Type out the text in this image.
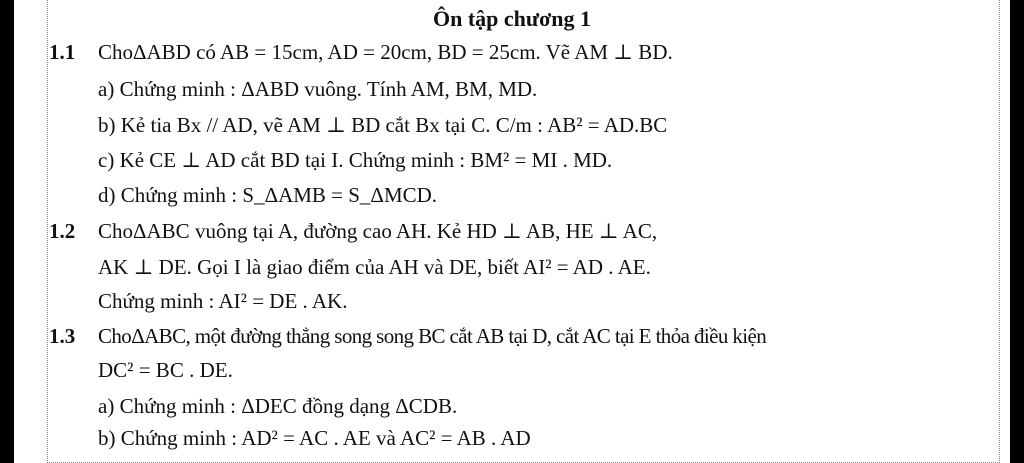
Ôn tập chương 1
1.1 ChoΔABD có AB = 15cm, AD = 20cm, BD = 25cm. Vẽ AM ⊥ BD.
a) Chứng minh : ΔABD vuông. Tính AM, BM, MD.
b) Kẻ tia Bx // AD, vẽ AM ⊥ BD cắt Bx tại C. C/m : AB² = AD.BC
c) Kẻ CE ⊥ AD cắt BD tại I. Chứng minh : BM² = MI . MD.
d) Chứng minh : S_ΔAMB = S_ΔMCD.
1.2 ChoΔABC vuông tại A, đường cao AH. Kẻ HD ⊥ AB, HE ⊥ AC,
AK ⊥ DE. Gọi I là giao điểm của AH và DE, biết AI² = AD . AE.
Chứng minh : AI² = DE . AK.
1.3 ChoΔABC, một đường thẳng song song BC cắt AB tại D, cắt AC tại E thỏa điều kiện
DC² = BC . DE.
a) Chứng minh : ΔDEC đồng dạng ΔCDB.
b) Chứng minh : AD² = AC . AE và AC² = AB . AD
